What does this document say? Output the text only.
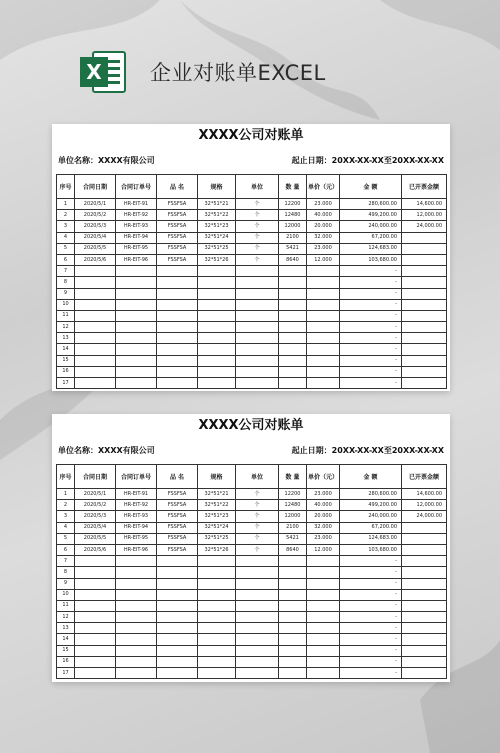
X 企业对账单EXCEL
XXXX公司对账单
单位名称：XXXX有限公司	起止日期：20XX-XX-XX至20XX-XX-XX
序号	合同日期	合同订单号	品 名	规格	单位	数 量	单价（元）	金 额	已开票金额
1	2020/5/1	HR-EIT-91	FSSFSA	32*51*21	个	12200	23.000	280,600.00	14,600.00
2	2020/5/2	HR-EIT-92	FSSFSA	32*51*22	个	12480	40.000	499,200.00	12,000.00
3	2020/5/3	HR-EIT-93	FSSFSA	32*51*23	个	12000	20.000	240,000.00	24,000.00
4	2020/5/4	HR-EIT-94	FSSFSA	32*51*24	个	2100	32.000	67,200.00	
5	2020/5/5	HR-EIT-95	FSSFSA	32*51*25	个	5421	23.000	124,683.00	
6	2020/5/6	HR-EIT-96	FSSFSA	32*51*26	个	8640	12.000	103,680.00	
7								-	
8								-	
9								-	
10								-	
11								-	
12								-	
13								-	
14								-	
15								-	
16								-	
17								-	
XXXX公司对账单
单位名称：XXXX有限公司	起止日期：20XX-XX-XX至20XX-XX-XX
序号	合同日期	合同订单号	品 名	规格	单位	数 量	单价（元）	金 额	已开票金额
1	2020/5/1	HR-EIT-91	FSSFSA	32*51*21	个	12200	23.000	280,600.00	14,600.00
2	2020/5/2	HR-EIT-92	FSSFSA	32*51*22	个	12480	40.000	499,200.00	12,000.00
3	2020/5/3	HR-EIT-93	FSSFSA	32*51*23	个	12000	20.000	240,000.00	24,000.00
4	2020/5/4	HR-EIT-94	FSSFSA	32*51*24	个	2100	32.000	67,200.00	
5	2020/5/5	HR-EIT-95	FSSFSA	32*51*25	个	5421	23.000	124,683.00	
6	2020/5/6	HR-EIT-96	FSSFSA	32*51*26	个	8640	12.000	103,680.00	
7								-	
8								-	
9								-	
10								-	
11								-	
12								-	
13								-	
14								-	
15								-	
16								-	
17								-	
